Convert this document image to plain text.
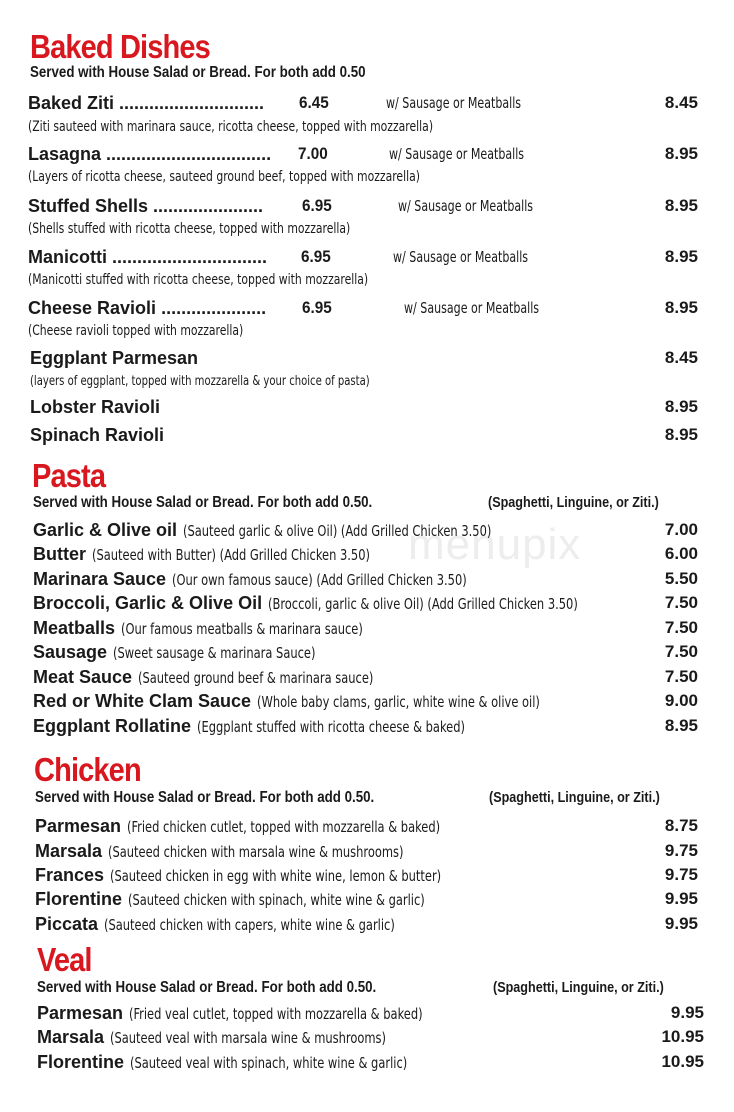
menupix
Baked Dishes
Served with House Salad or Bread. For both add 0.50
Baked Ziti ............................. 6.45	w/ Sausage or Meatballs	8.45
(Ziti sauteed with marinara sauce, ricotta cheese, topped with mozzarella)
Lasagna ................................. 7.00	w/ Sausage or Meatballs	8.95
(Layers of ricotta cheese, sauteed ground beef, topped with mozzarella)
Stuffed Shells ...................... 6.95	w/ Sausage or Meatballs	8.95
(Shells stuffed with ricotta cheese, topped with mozzarella)
Manicotti ............................... 6.95	w/ Sausage or Meatballs	8.95
(Manicotti stuffed with ricotta cheese, topped with mozzarella)
Cheese Ravioli ..................... 6.95	w/ Sausage or Meatballs	8.95
(Cheese ravioli topped with mozzarella)
Eggplant Parmesan	8.45
(layers of eggplant, topped with mozzarella & your choice of pasta)
Lobster Ravioli	8.95
Spinach Ravioli	8.95
Pasta
Served with House Salad or Bread. For both add 0.50.	(Spaghetti, Linguine, or Ziti.)
Garlic & Olive oil (Sauteed garlic & olive Oil) (Add Grilled Chicken 3.50)	7.00
Butter (Sauteed with Butter) (Add Grilled Chicken 3.50)	6.00
Marinara Sauce (Our own famous sauce) (Add Grilled Chicken 3.50)	5.50
Broccoli, Garlic & Olive Oil (Broccoli, garlic & olive Oil) (Add Grilled Chicken 3.50)	7.50
Meatballs (Our famous meatballs & marinara sauce)	7.50
Sausage (Sweet sausage & marinara Sauce)	7.50
Meat Sauce (Sauteed ground beef & marinara sauce)	7.50
Red or White Clam Sauce (Whole baby clams, garlic, white wine & olive oil)	9.00
Eggplant Rollatine (Eggplant stuffed with ricotta cheese & baked)	8.95
Chicken
Served with House Salad or Bread. For both add 0.50.	(Spaghetti, Linguine, or Ziti.)
Parmesan (Fried chicken cutlet, topped with mozzarella & baked)	8.75
Marsala (Sauteed chicken with marsala wine & mushrooms)	9.75
Frances (Sauteed chicken in egg with white wine, lemon & butter)	9.75
Florentine (Sauteed chicken with spinach, white wine & garlic)	9.95
Piccata (Sauteed chicken with capers, white wine & garlic)	9.95
Veal
Served with House Salad or Bread. For both add 0.50.	(Spaghetti, Linguine, or Ziti.)
Parmesan (Fried veal cutlet, topped with mozzarella & baked)	9.95
Marsala (Sauteed veal with marsala wine & mushrooms)	10.95
Florentine (Sauteed veal with spinach, white wine & garlic)	10.95
